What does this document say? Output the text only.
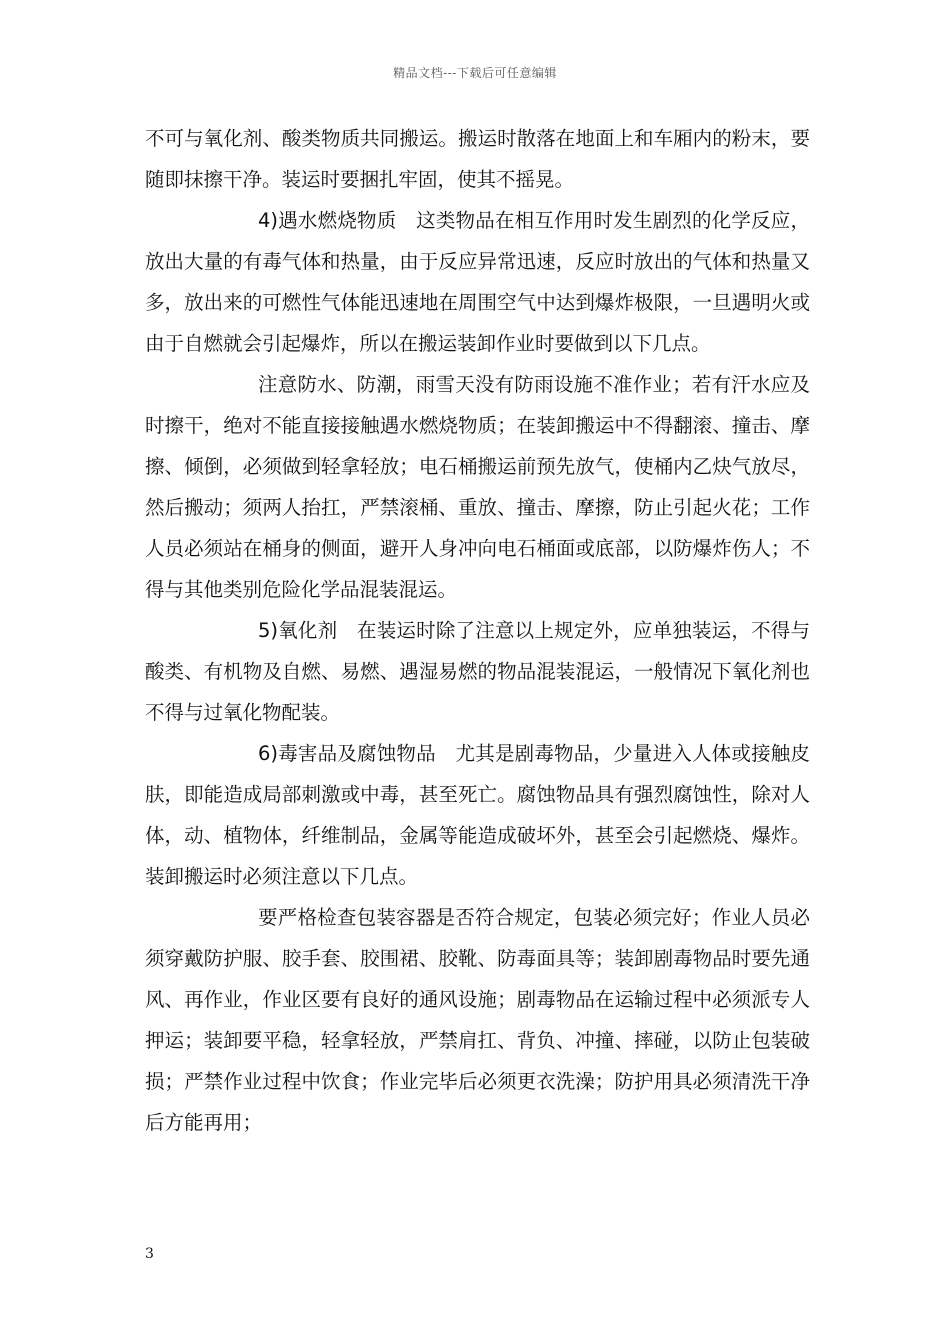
精品文档---下载后可任意编辑

不可与氧化剂、酸类物质共同搬运。搬运时散落在地面上和车厢内的粉末，要随即抹擦干净。装运时要捆扎牢固，使其不摇晃。

4)遇水燃烧物质　这类物品在相互作用时发生剧烈的化学反应，放出大量的有毒气体和热量，由于反应异常迅速，反应时放出的气体和热量又多，放出来的可燃性气体能迅速地在周围空气中达到爆炸极限，一旦遇明火或由于自燃就会引起爆炸，所以在搬运装卸作业时要做到以下几点。

注意防水、防潮，雨雪天没有防雨设施不准作业；若有汗水应及时擦干，绝对不能直接接触遇水燃烧物质；在装卸搬运中不得翻滚、撞击、摩擦、倾倒，必须做到轻拿轻放；电石桶搬运前预先放气，使桶内乙炔气放尽，然后搬动；须两人抬扛，严禁滚桶、重放、撞击、摩擦，防止引起火花；工作人员必须站在桶身的侧面，避开人身冲向电石桶面或底部，以防爆炸伤人；不得与其他类别危险化学品混装混运。

5)氧化剂　在装运时除了注意以上规定外，应单独装运，不得与酸类、有机物及自燃、易燃、遇湿易燃的物品混装混运，一般情况下氧化剂也不得与过氧化物配装。

6)毒害品及腐蚀物品　尤其是剧毒物品，少量进入人体或接触皮肤，即能造成局部刺激或中毒，甚至死亡。腐蚀物品具有强烈腐蚀性，除对人体，动、植物体，纤维制品，金属等能造成破坏外，甚至会引起燃烧、爆炸。装卸搬运时必须注意以下几点。

要严格检查包装容器是否符合规定，包装必须完好；作业人员必须穿戴防护服、胶手套、胶围裙、胶靴、防毒面具等；装卸剧毒物品时要先通风、再作业，作业区要有良好的通风设施；剧毒物品在运输过程中必须派专人押运；装卸要平稳，轻拿轻放，严禁肩扛、背负、冲撞、摔碰，以防止包装破损；严禁作业过程中饮食；作业完毕后必须更衣洗澡；防护用具必须清洗干净后方能再用；

3
